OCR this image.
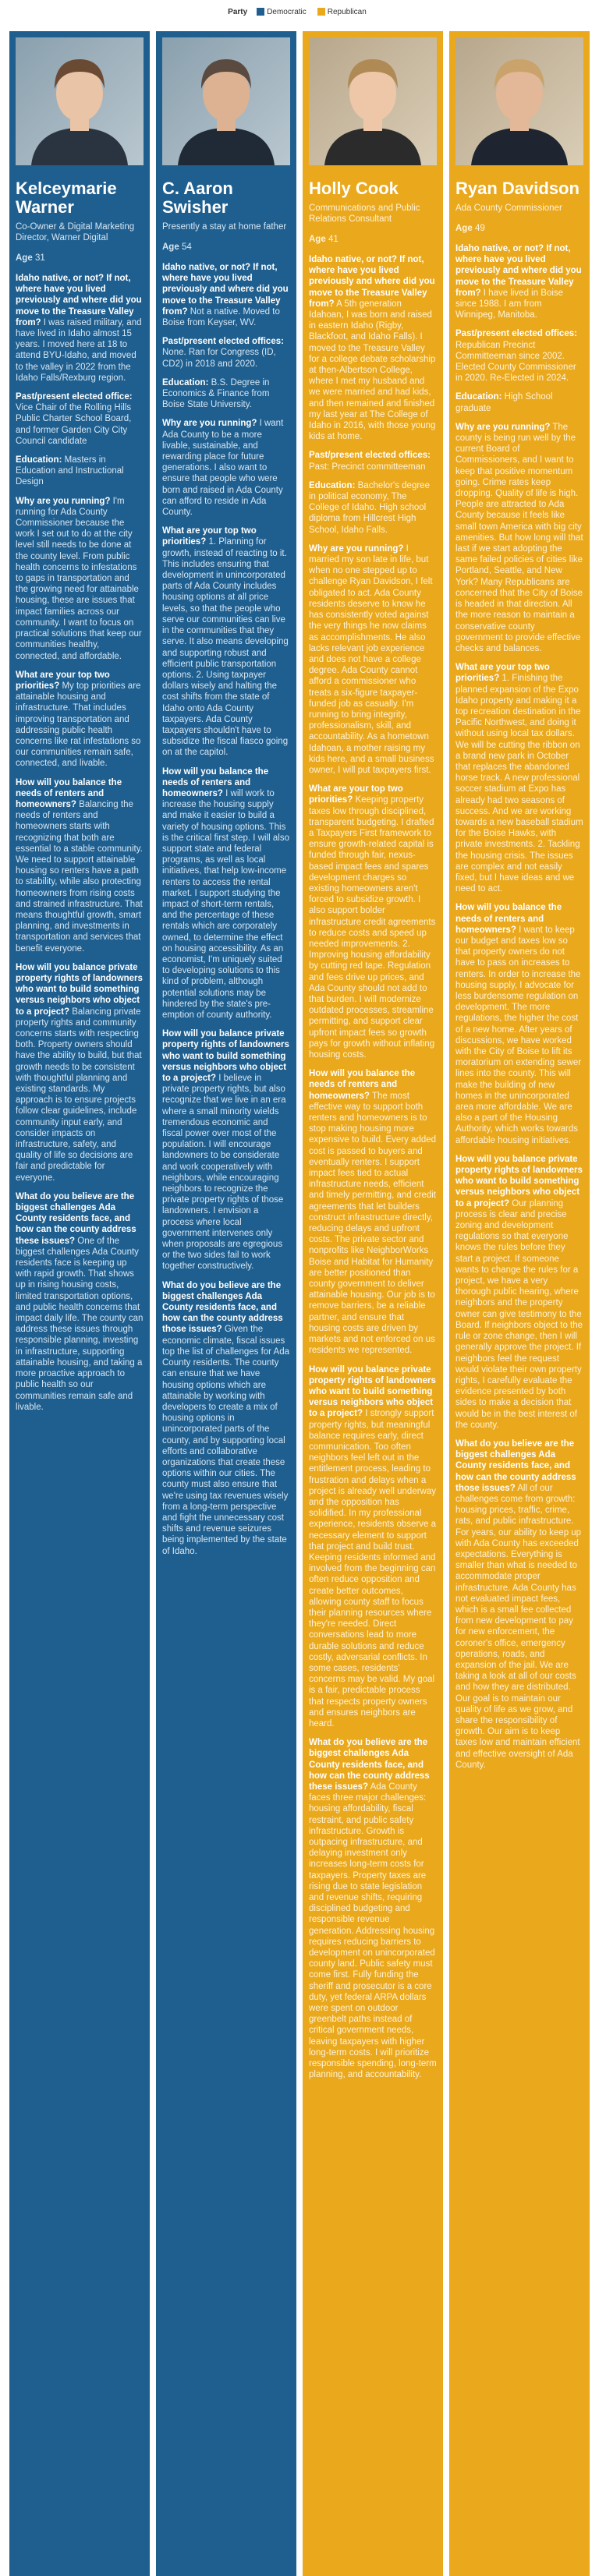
Party	Democratic	Republican
Kelceymarie Warner
Co-Owner & Digital Marketing Director, Warner Digital
Age 31

Idaho native, or not? If not, where have you lived previously and where did you move to the Treasure Valley from? I was raised military, and have lived in Idaho almost 15 years. I moved here at 18 to attend BYU-Idaho, and moved to the valley in 2022 from the Idaho Falls/Rexburg region.

Past/present elected office: Vice Chair of the Rolling Hills Public Charter School Board, and former Garden City City Council candidate

Education: Masters in Education and Instructional Design

Why are you running? I'm running for Ada County Commissioner because the work I set out to do at the city level still needs to be done at the county level. From public health concerns to infestations to gaps in transportation and the growing need for attainable housing, these are issues that impact families across our community. I want to focus on practical solutions that keep our communities healthy, connected, and affordable.

What are your top two priorities? My top priorities are attainable housing and infrastructure. That includes improving transportation and addressing public health concerns like rat infestations so our communities remain safe, connected, and livable.

How will you balance the needs of renters and homeowners? Balancing the needs of renters and homeowners starts with recognizing that both are essential to a stable community. We need to support attainable housing so renters have a path to stability, while also protecting homeowners from rising costs and strained infrastructure. That means thoughtful growth, smart planning, and investments in transportation and services that benefit everyone.

How will you balance private property rights of landowners who want to build something versus neighbors who object to a project? Balancing private property rights and community concerns starts with respecting both. Property owners should have the ability to build, but that growth needs to be consistent with thoughtful planning and existing standards. My approach is to ensure projects follow clear guidelines, include community input early, and consider impacts on infrastructure, safety, and quality of life so decisions are fair and predictable for everyone.

What do you believe are the biggest challenges Ada County residents face, and how can the county address these issues? One of the biggest challenges Ada County residents face is keeping up with rapid growth. That shows up in rising housing costs, limited transportation options, and public health concerns that impact daily life. The county can address these issues through responsible planning, investing in infrastructure, supporting attainable housing, and taking a more proactive approach to public health so our communities remain safe and livable.

C. Aaron Swisher
Presently a stay at home father
Age 54

Idaho native, or not? If not, where have you lived previously and where did you move to the Treasure Valley from? Not a native. Moved to Boise from Keyser, WV.

Past/present elected offices: None. Ran for Congress (ID, CD2) in 2018 and 2020.

Education: B.S. Degree in Economics & Finance from Boise State University.

Why are you running? I want Ada County to be a more livable, sustainable, and rewarding place for future generations. I also want to ensure that people who were born and raised in Ada County can afford to reside in Ada County.

What are your top two priorities? 1. Planning for growth, instead of reacting to it. This includes ensuring that development in unincorporated parts of Ada County includes housing options at all price levels, so that the people who serve our communities can live in the communities that they serve. It also means developing and supporting robust and efficient public transportation options. 2. Using taxpayer dollars wisely and halting the cost shifts from the state of Idaho onto Ada County taxpayers. Ada County taxpayers shouldn't have to subsidize the fiscal fiasco going on at the capitol.

How will you balance the needs of renters and homeowners? I will work to increase the housing supply and make it easier to build a variety of housing options. This is the critical first step. I will also support state and federal programs, as well as local initiatives, that help low-income renters to access the rental market. I support studying the impact of short-term rentals, and the percentage of these rentals which are corporately owned, to determine the effect on housing accessibility. As an economist, I'm uniquely suited to developing solutions to this kind of problem, although potential solutions may be hindered by the state's pre-emption of county authority.

How will you balance private property rights of landowners who want to build something versus neighbors who object to a project? I believe in private property rights, but also recognize that we live in an era where a small minority wields tremendous economic and fiscal power over most of the population. I will encourage landowners to be considerate and work cooperatively with neighbors, while encouraging neighbors to recognize the private property rights of those landowners. I envision a process where local government intervenes only when proposals are egregious or the two sides fail to work together constructively.

What do you believe are the biggest challenges Ada County residents face, and how can the county address those issues? Given the economic climate, fiscal issues top the list of challenges for Ada County residents. The county can ensure that we have housing options which are attainable by working with developers to create a mix of housing options in unincorporated parts of the county, and by supporting local efforts and collaborative organizations that create these options within our cities. The county must also ensure that we're using tax revenues wisely from a long-term perspective and fight the unnecessary cost shifts and revenue seizures being implemented by the state of Idaho.

Holly Cook
Communications and Public Relations Consultant
Age 41

Idaho native, or not? If not, where have you lived previously and where did you move to the Treasure Valley from? A 5th generation Idahoan, I was born and raised in eastern Idaho (Rigby, Blackfoot, and Idaho Falls). I moved to the Treasure Valley for a college debate scholarship at then-Albertson College, where I met my husband and we were married and had kids, and then remained and finished my last year at The College of Idaho in 2016, with those young kids at home.

Past/present elected offices: Past: Precinct committeeman

Education: Bachelor's degree in political economy, The College of Idaho. High school diploma from Hillcrest High School, Idaho Falls.

Why are you running? I married my son late in life, but when no one stepped up to challenge Ryan Davidson, I felt obligated to act. Ada County residents deserve to know he has consistently voted against the very things he now claims as accomplishments. He also lacks relevant job experience and does not have a college degree. Ada County cannot afford a commissioner who treats a six-figure taxpayer-funded job as casually. I'm running to bring integrity, professionalism, skill, and accountability. As a hometown Idahoan, a mother raising my kids here, and a small business owner, I will put taxpayers first.

What are your top two priorities? Keeping property taxes low through disciplined, transparent budgeting. I drafted a Taxpayers First framework to ensure growth-related capital is funded through fair, nexus-based impact fees and spares development charges so existing homeowners aren't forced to subsidize growth. I also support bolder infrastructure credit agreements to reduce costs and speed up needed improvements. 2. Improving housing affordability by cutting red tape. Regulation and fees drive up prices, and Ada County should not add to that burden. I will modernize outdated processes, streamline permitting, and support clear upfront impact fees so growth pays for growth without inflating housing costs.

How will you balance the needs of renters and homeowners? The most effective way to support both renters and homeowners is to stop making housing more expensive to build. Every added cost is passed to buyers and eventually renters. I support impact fees tied to actual infrastructure needs, efficient and timely permitting, and credit agreements that let builders construct infrastructure directly, reducing delays and upfront costs. The private sector and nonprofits like NeighborWorks Boise and Habitat for Humanity are better positioned than county government to deliver attainable housing. Our job is to remove barriers, be a reliable partner, and ensure that housing costs are driven by markets and not enforced on us residents we represented.

How will you balance private property rights of landowners who want to build something versus neighbors who object to a project? I strongly support property rights, but meaningful balance requires early, direct communication. Too often neighbors feel left out in the entitlement process, leading to frustration and delays when a project is already well underway and the opposition has solidified. In my professional experience, residents observe a necessary element to support that project and build trust. Keeping residents informed and involved from the beginning can often reduce opposition and create better outcomes, allowing county staff to focus their planning resources where they're needed. Direct conversations lead to more durable solutions and reduce costly, adversarial conflicts. In some cases, residents' concerns may be valid. My goal is a fair, predictable process that respects property owners and ensures neighbors are heard.

What do you believe are the biggest challenges Ada County residents face, and how can the county address these issues? Ada County faces three major challenges: housing affordability, fiscal restraint, and public safety infrastructure. Growth is outpacing infrastructure, and delaying investment only increases long-term costs for taxpayers. Property taxes are rising due to state legislation and revenue shifts, requiring disciplined budgeting and responsible revenue generation. Addressing housing requires reducing barriers to development on unincorporated county land. Public safety must come first. Fully funding the sheriff and prosecutor is a core duty, yet federal ARPA dollars were spent on outdoor greenbelt paths instead of critical government needs, leaving taxpayers with higher long-term costs. I will prioritize responsible spending, long-term planning, and accountability.

Ryan Davidson
Ada County Commissioner
Age 49

Idaho native, or not? If not, where have you lived previously and where did you move to the Treasure Valley from? I have lived in Boise since 1988. I am from Winnipeg, Manitoba.

Past/present elected offices: Republican Precinct Committeeman since 2002. Elected County Commissioner in 2020. Re-Elected in 2024.

Education: High School graduate

Why are you running? The county is being run well by the current Board of Commissioners, and I want to keep that positive momentum going. Crime rates keep dropping. Quality of life is high. People are attracted to Ada County because it feels like small town America with big city amenities. But how long will that last if we start adopting the same failed policies of cities like Portland, Seattle, and New York? Many Republicans are concerned that the City of Boise is headed in that direction. All the more reason to maintain a conservative county government to provide effective checks and balances.

What are your top two priorities? 1. Finishing the planned expansion of the Expo Idaho property and making it a top recreation destination in the Pacific Northwest, and doing it without using local tax dollars. We will be cutting the ribbon on a brand new park in October that replaces the abandoned horse track. A new professional soccer stadium at Expo has already had two seasons of success. And we are working towards a new baseball stadium for the Boise Hawks, with private investments. 2. Tackling the housing crisis. The issues are complex and not easily fixed, but I have ideas and we need to act.

How will you balance the needs of renters and homeowners? I want to keep our budget and taxes low so that property owners do not have to pass on increases to renters. In order to increase the housing supply, I advocate for less burdensome regulation on development. The more regulations, the higher the cost of a new home. After years of discussions, we have worked with the City of Boise to lift its moratorium on extending sewer lines into the county. This will make the building of new homes in the unincorporated area more affordable. We are also a part of the Housing Authority, which works towards affordable housing initiatives.

How will you balance private property rights of landowners who want to build something versus neighbors who object to a project? Our planning process is clear and precise zoning and development regulations so that everyone knows the rules before they start a project. If someone wants to change the rules for a project, we have a very thorough public hearing, where neighbors and the property owner can give testimony to the Board. If neighbors object to the rule or zone change, then I will generally approve the project. If neighbors feel the request would violate their own property rights, I carefully evaluate the evidence presented by both sides to make a decision that would be in the best interest of the county.

What do you believe are the biggest challenges Ada County residents face, and how can the county address those issues? All of our challenges come from growth: housing prices, traffic, crime, rats, and public infrastructure. For years, our ability to keep up with Ada County has exceeded expectations. Everything is smaller than what is needed to accommodate proper infrastructure. Ada County has not evaluated impact fees, which is a small fee collected from new development to pay for new enforcement, the coroner's office, emergency operations, roads, and expansion of the jail. We are taking a look at all of our costs and how they are distributed. Our goal is to maintain our quality of life as we grow, and share the responsibility of growth. Our aim is to keep taxes low and maintain efficient and effective oversight of Ada County.
